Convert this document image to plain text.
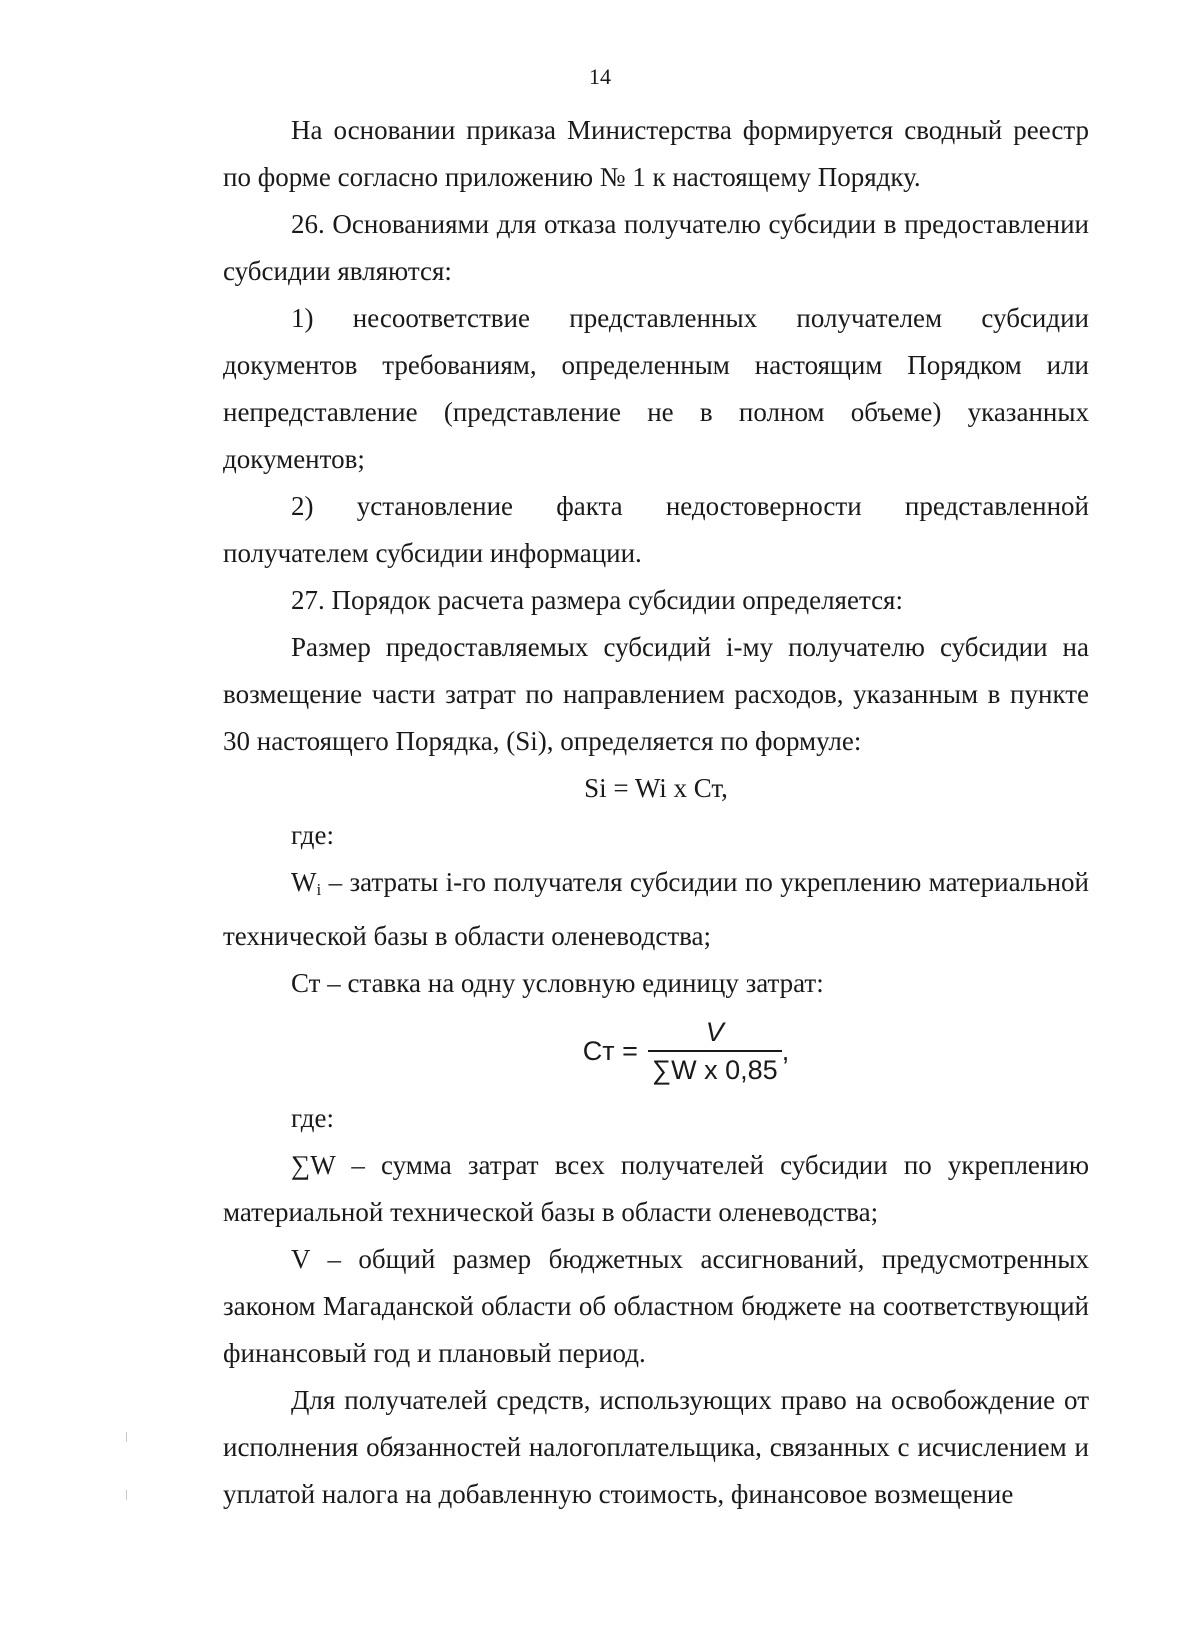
14

На основании приказа Министерства формируется сводный реестр по форме согласно приложению № 1 к настоящему Порядку.

26. Основаниями для отказа получателю субсидии в предоставлении субсидии являются:

1) несоответствие представленных получателем субсидии документов требованиям, определенным настоящим Порядком или непредставление (представление не в полном объеме) указанных документов;

2) установление факта недостоверности представленной получателем субсидии информации.

27. Порядок расчета размера субсидии определяется:

Размер предоставляемых субсидий i-му получателю субсидии на возмещение части затрат по направлением расходов, указанным в пункте 30 настоящего Порядка, (Si), определяется по формуле:

Si = Wi x Ст,

где:

$W_i$ – затраты i-го получателя субсидии по укреплению материальной технической базы в области оленеводства;

Ст – ставка на одну условную единицу затрат:

Ст = $\frac{V}{\text{∑W x 0,85}}$ ,

где:

∑W – сумма затрат всех получателей субсидии по укреплению материальной технической базы в области оленеводства;

V – общий размер бюджетных ассигнований, предусмотренных законом Магаданской области об областном бюджете на соответствующий финансовый год и плановый период.

Для получателей средств, использующих право на освобождение от исполнения обязанностей налогоплательщика, связанных с исчислением и уплатой налога на добавленную стоимость, финансовое возмещение
